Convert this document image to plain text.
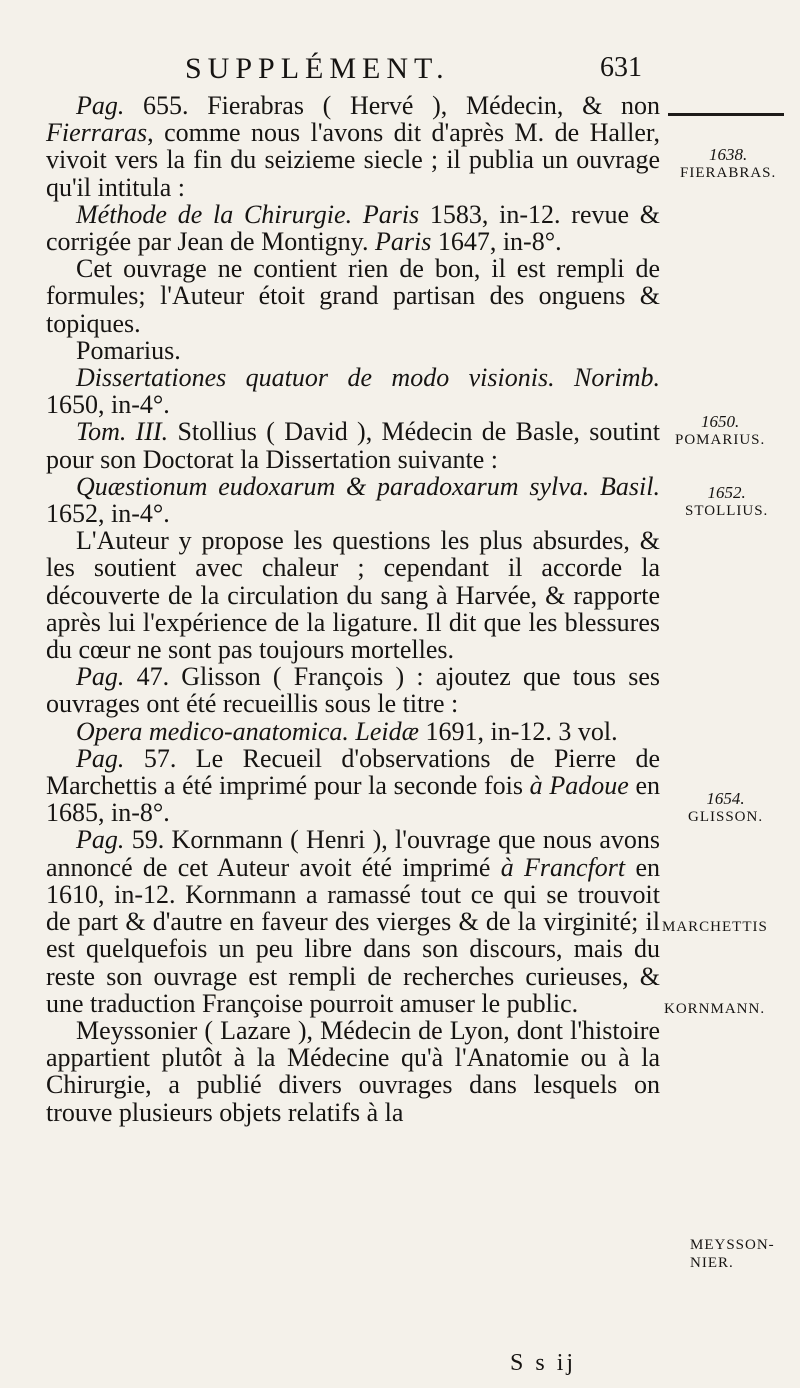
SUPPLÉMENT.	631

Pag. 655. Fierabras ( Hervé ), Médecin, & non Fierraras, comme nous l'avons dit d'après M. de Haller, vivoit vers la fin du seizieme siecle ; il publia un ouvrage qu'il intitula :

Méthode de la Chirurgie. Paris 1583, in-12. revue & corrigée par Jean de Montigny. Paris 1647, in-8°.

Cet ouvrage ne contient rien de bon, il est rempli de formules; l'Auteur étoit grand partisan des onguens & topiques.

Pomarius.

Dissertationes quatuor de modo visionis. Norimb. 1650, in-4°.

Tom. III. Stollius ( David ), Médecin de Basle, soutint pour son Doctorat la Dissertation suivante :

Quæstionum eudoxarum & paradoxarum sylva. Basil. 1652, in-4°.

L'Auteur y propose les questions les plus absurdes, & les soutient avec chaleur ; cependant il accorde la découverte de la circulation du sang à Harvée, & rapporte après lui l'expérience de la ligature. Il dit que les blessures du cœur ne sont pas toujours mortelles.

Pag. 47. Glisson ( François ) : ajoutez que tous ses ouvrages ont été recueillis sous le titre :

Opera medico-anatomica. Leidæ 1691, in-12. 3 vol.

Pag. 57. Le Recueil d'observations de Pierre de Marchettis a été imprimé pour la seconde fois à Padoue en 1685, in-8°.

Pag. 59. Kornmann ( Henri ), l'ouvrage que nous avons annoncé de cet Auteur avoit été imprimé à Francfort en 1610, in-12. Kornmann a ramassé tout ce qui se trouvoit de part & d'autre en faveur des vierges & de la virginité; il est quelquefois un peu libre dans son discours, mais du reste son ouvrage est rempli de recherches curieuses, & une traduction Françoise pourroit amuser le public.

Meyssonier ( Lazare ), Médecin de Lyon, dont l'histoire appartient plutôt à la Médecine qu'à l'Anatomie ou à la Chirurgie, a publié divers ouvrages dans lesquels on trouve plusieurs objets relatifs à la

1638.
FIERABRAS.
1650.
POMARIUS.
1652.
STOLLIUS.
1654.
GLISSON.
MARCHETTIS
KORNMANN.
MEYSSON-
NIER.
S s ij
